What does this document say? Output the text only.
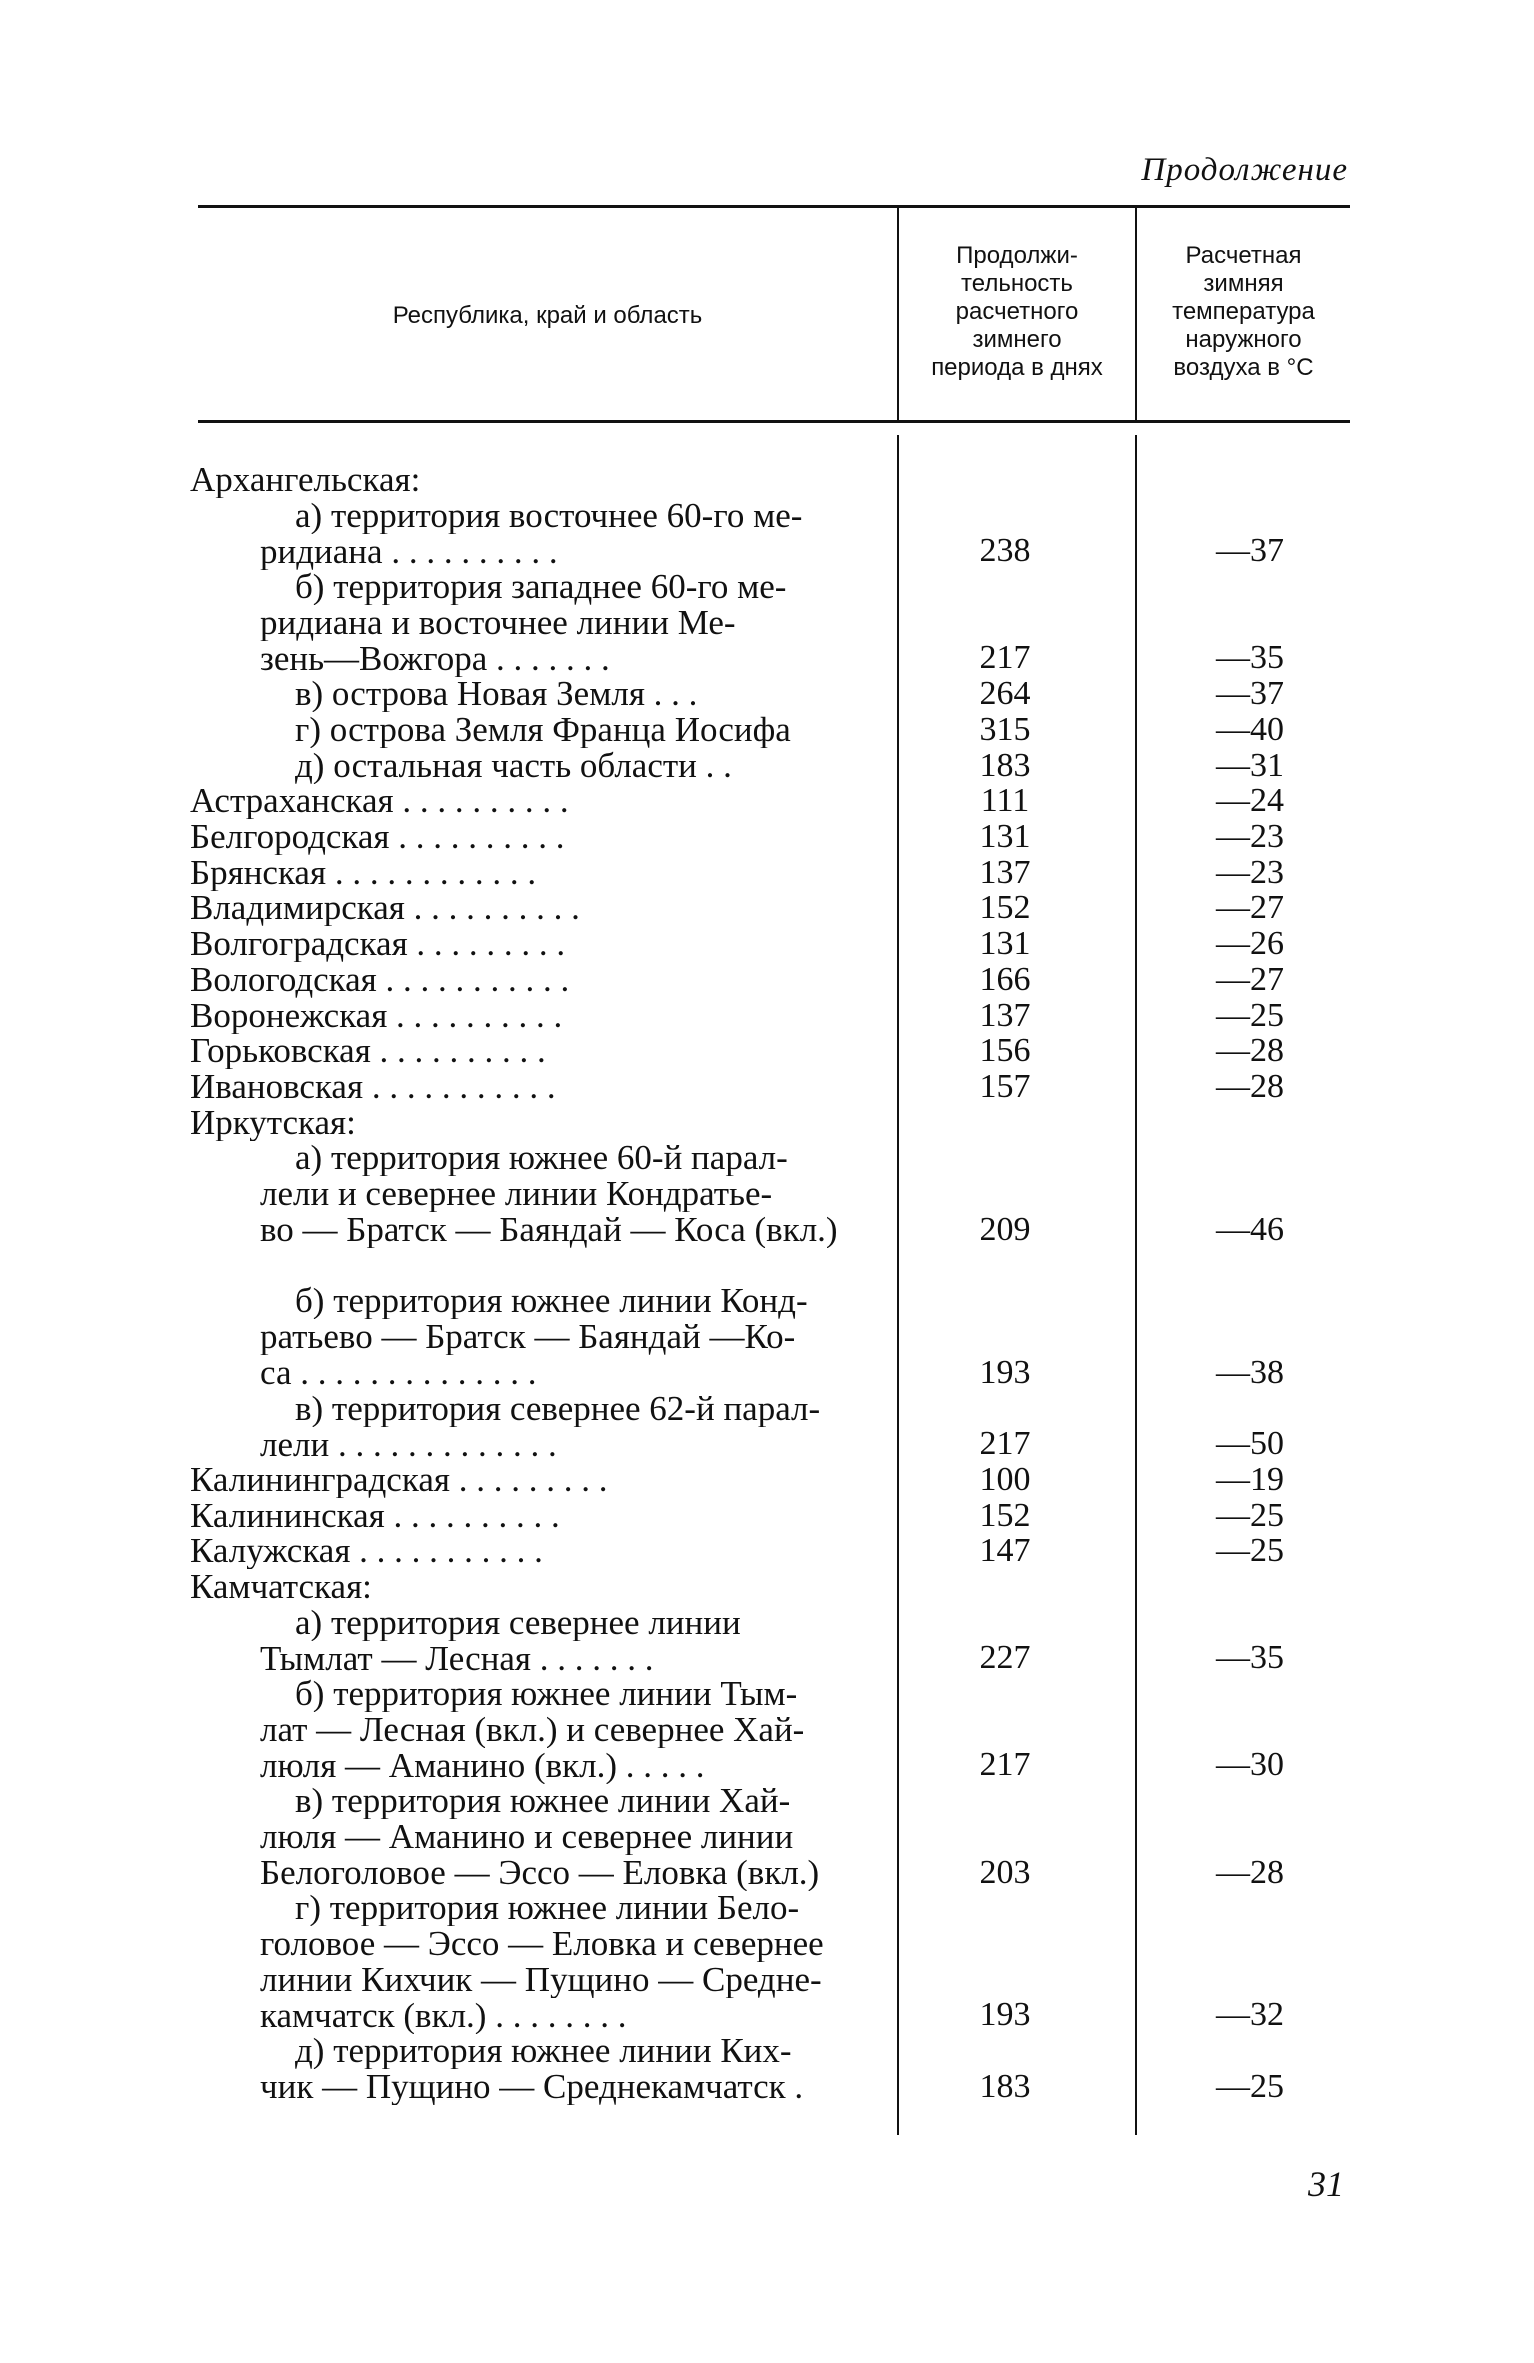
Продолжение
Республика, край и область
Продолжи-
тельность
расчетного
зимнего
периода в днях
Расчетная
зимняя
температура
наружного
воздуха в °С
Архангельская:
а) территория восточнее 60-го ме-
ридиана . . . . . . . . . .	238	—37
б) территория западнее 60-го ме-
ридиана и восточнее линии Ме-
зень—Вожгора . . . . . . .	217	—35
в) острова Новая Земля . . .	264	—37
г) острова Земля Франца Иосифа	315	—40
д) остальная часть области . .	183	—31
Астраханская . . . . . . . . . .	111	—24
Белгородская . . . . . . . . . .	131	—23
Брянская . . . . . . . . . . . .	137	—23
Владимирская . . . . . . . . . .	152	—27
Волгоградская . . . . . . . . .	131	—26
Вологодская . . . . . . . . . . .	166	—27
Воронежская . . . . . . . . . .	137	—25
Горьковская . . . . . . . . . .	156	—28
Ивановская . . . . . . . . . . .	157	—28
Иркутская:
а) территория южнее 60-й парал-
лели и севернее линии Кондратье-
во — Братск — Баяндай — Коса (вкл.)	209	—46
б) территория южнее линии Конд-
ратьево — Братск — Баяндай —Ко-
са . . . . . . . . . . . . . .	193	—38
в) территория севернее 62-й парал-
лели . . . . . . . . . . . . .	217	—50
Калининградская . . . . . . . . .	100	—19
Калининская . . . . . . . . . .	152	—25
Калужская . . . . . . . . . . .	147	—25
Камчатская:
а) территория севернее линии
Тымлат — Лесная . . . . . . .	227	—35
б) территория южнее линии Тым-
лат — Лесная (вкл.) и севернее Хай-
люля — Аманино (вкл.) . . . . .	217	—30
в) территория южнее линии Хай-
люля — Аманино и севернее линии
Белоголовое — Эссо — Еловка (вкл.)	203	—28
г) территория южнее линии Бело-
головое — Эссо — Еловка и севернее
линии Кихчик — Пущино — Средне-
камчатск (вкл.) . . . . . . . .	193	—32
д) территория южнее линии Ких-
чик — Пущино — Среднекамчатск .	183	—25
31
